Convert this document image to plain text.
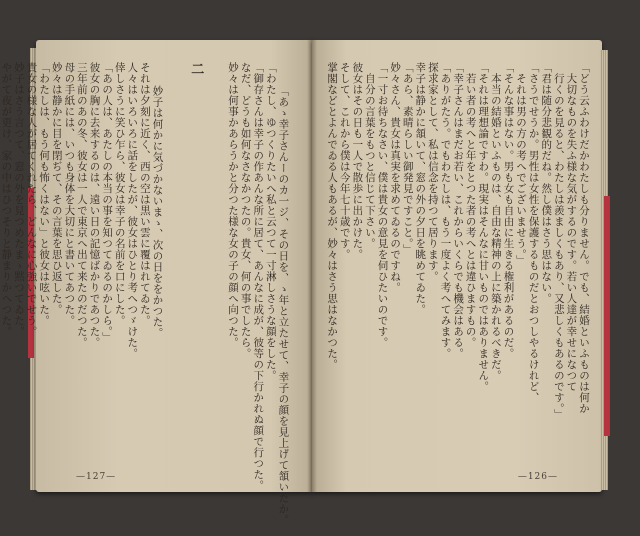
「あゝ幸子さんーのカ一ジ、その日を、ゝ年と立たせて、幸子の顔を見上げて頷いたか。
「わたし、ゆつくりたいへ私と云つて一寸淋しさうな顔をした。
「御存さんは幸子の作あんな所に居て、あんなに成が、彼等の下行かれぬ顔で行つた。
なだ、どうも如何なさなかつたの。貴女、何の事でしたら。
妙々は何事かあらうかと分つた様な女の子の顔へ向つた。

二

妙子は何かに気づかないまゝ、次の日ををかつた。
それは夕刻に近く、西の空は黒い雲に覆はれてゐた。
人々はいろいろに話をしたが、彼女はひとり考へつゞけた。
倖しさうに笑ひ乍ら、彼女は幸子の名前を口にした。
「あの人は、あたしの本当の事を知つてゐるのかしら。」
彼女の胸に去来するのは、遠い日の記憶ばかりであつた。
三年前のあの冬、彼女は一人で東京へ出て来たのだつた。
母の手紙には、いつも身体を大切にと書いてあつた。
妙々は静かに目を閉ぢて、その言葉を思ひ返した。
「わたしは、もう何も怖くはない」と彼女は呟いた。
貴女の様な人が居てくれたら、どんなに心強いでせう。
妙子はさう言つて、窓の外を見つめたまゝ黙つてゐた。
やがて夜が更け、家の中はひつそりと静まりかへつた。

—127—
「どう云ふわけだかわたしも分りません。でも、結婚といふものは何か
　大切なものを失ふ様な気がするのです。若い人達が幸せになつて
　行くのを見ると、わたしは羨ましくもあり、又悲しくもあるのです。」
「君は随分悲観的だね。然し僕はさう思はない。
「さうでせうか。男性は女性を保護するものだとおつしやるけれど、
　それは男の方の考へでございませう。」
「そんな事はない。男も女も自由に生きる権利があるのだ。
　本当の結婚といふものは、自由な精神の上に築かれるべきだ。
「それは理想論ですわ。現実はそんなに甘いものではありません。
　若い者の考へと年をとつた者の考へとは違ひますもの。
「幸子さんはまだお若い、これからいくらでも機会はある。
「ありがたう。でもわたしは、もう一度よく考へてみます。
探求家として、私は信念を持つて居ります。
幸子は静かに頷いて、窓の外の夕日を眺めてゐた。
「あら、素晴らしい御発見ですこと。」
妙々さん、貴女は真実を求めてゐるのですね。
「一寸お待ちなさい、僕は貴女の意見を伺ひたいのです。
　自分の言葉をもつと信じて下さい。
彼女はその日も一人で散歩に出かけた。
そして、これから僕は今年七十歳です。
掌閣などとよんでゐる人もあるが、妙々はさう思はなかつた。

—126—
